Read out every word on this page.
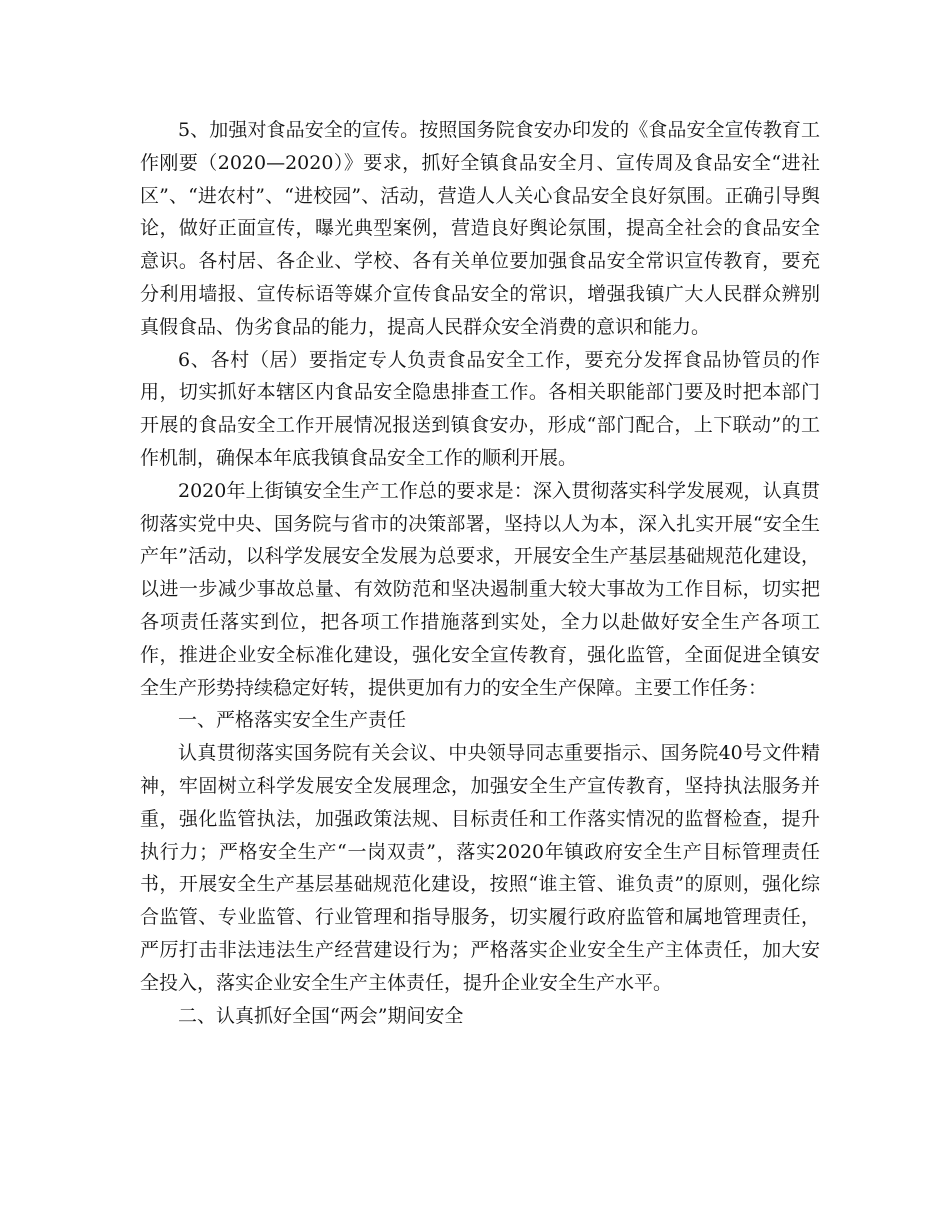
5、加强对食品安全的宣传。按照国务院食安办印发的《食品安全宣传教育工作刚要（2020—2020）》要求，抓好全镇食品安全月、宣传周及食品安全“进社区”、“进农村”、“进校园”、活动，营造人人关心食品安全良好氛围。正确引导舆论，做好正面宣传，曝光典型案例，营造良好舆论氛围，提高全社会的食品安全意识。各村居、各企业、学校、各有关单位要加强食品安全常识宣传教育，要充分利用墙报、宣传标语等媒介宣传食品安全的常识，增强我镇广大人民群众辨别真假食品、伪劣食品的能力，提高人民群众安全消费的意识和能力。

6、各村（居）要指定专人负责食品安全工作，要充分发挥食品协管员的作用，切实抓好本辖区内食品安全隐患排查工作。各相关职能部门要及时把本部门开展的食品安全工作开展情况报送到镇食安办，形成“部门配合，上下联动”的工作机制，确保本年底我镇食品安全工作的顺利开展。

2020年上街镇安全生产工作总的要求是：深入贯彻落实科学发展观，认真贯彻落实党中央、国务院与省市的决策部署，坚持以人为本，深入扎实开展“安全生产年”活动，以科学发展安全发展为总要求，开展安全生产基层基础规范化建设，以进一步减少事故总量、有效防范和坚决遏制重大较大事故为工作目标，切实把各项责任落实到位，把各项工作措施落到实处，全力以赴做好安全生产各项工作，推进企业安全标准化建设，强化安全宣传教育，强化监管，全面促进全镇安全生产形势持续稳定好转，提供更加有力的安全生产保障。主要工作任务：

一、严格落实安全生产责任

认真贯彻落实国务院有关会议、中央领导同志重要指示、国务院40号文件精神，牢固树立科学发展安全发展理念，加强安全生产宣传教育，坚持执法服务并重，强化监管执法，加强政策法规、目标责任和工作落实情况的监督检查，提升执行力；严格安全生产“一岗双责”，落实2020年镇政府安全生产目标管理责任书，开展安全生产基层基础规范化建设，按照“谁主管、谁负责”的原则，强化综合监管、专业监管、行业管理和指导服务，切实履行政府监管和属地管理责任，严厉打击非法违法生产经营建设行为；严格落实企业安全生产主体责任，加大安全投入，落实企业安全生产主体责任，提升企业安全生产水平。

二、认真抓好全国“两会”期间安全
